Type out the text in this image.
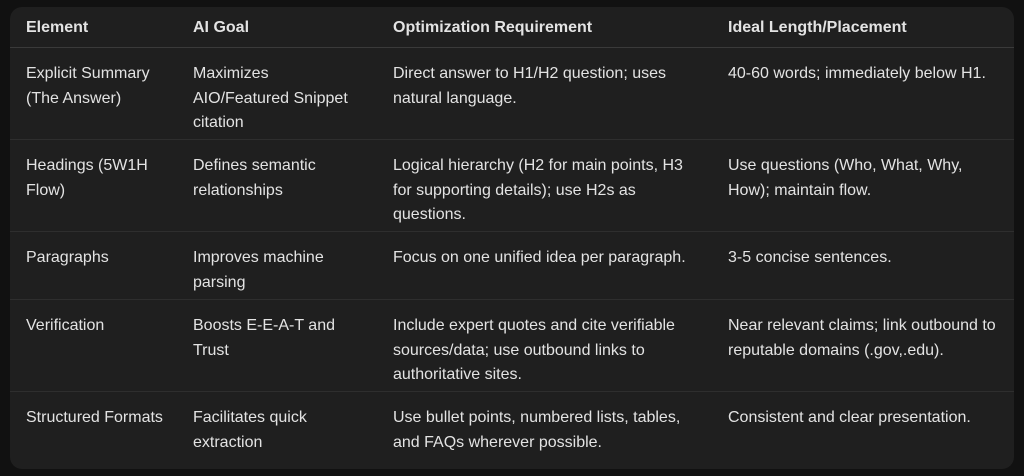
Element	AI Goal	Optimization Requirement	Ideal Length/Placement
Explicit Summary (The Answer)	Maximizes AIO/Featured Snippet citation	Direct answer to H1/H2 question; uses natural language.	40-60 words; immediately below H1.
Headings (5W1H Flow)	Defines semantic relationships	Logical hierarchy (H2 for main points, H3 for supporting details); use H2s as questions.	Use questions (Who, What, Why, How); maintain flow.
Paragraphs	Improves machine parsing	Focus on one unified idea per paragraph.	3-5 concise sentences.
Verification	Boosts E-E-A-T and Trust	Include expert quotes and cite verifiable sources/data; use outbound links to authoritative sites.	Near relevant claims; link outbound to reputable domains (.gov,.edu).
Structured Formats	Facilitates quick extraction	Use bullet points, numbered lists, tables, and FAQs wherever possible.	Consistent and clear presentation.
